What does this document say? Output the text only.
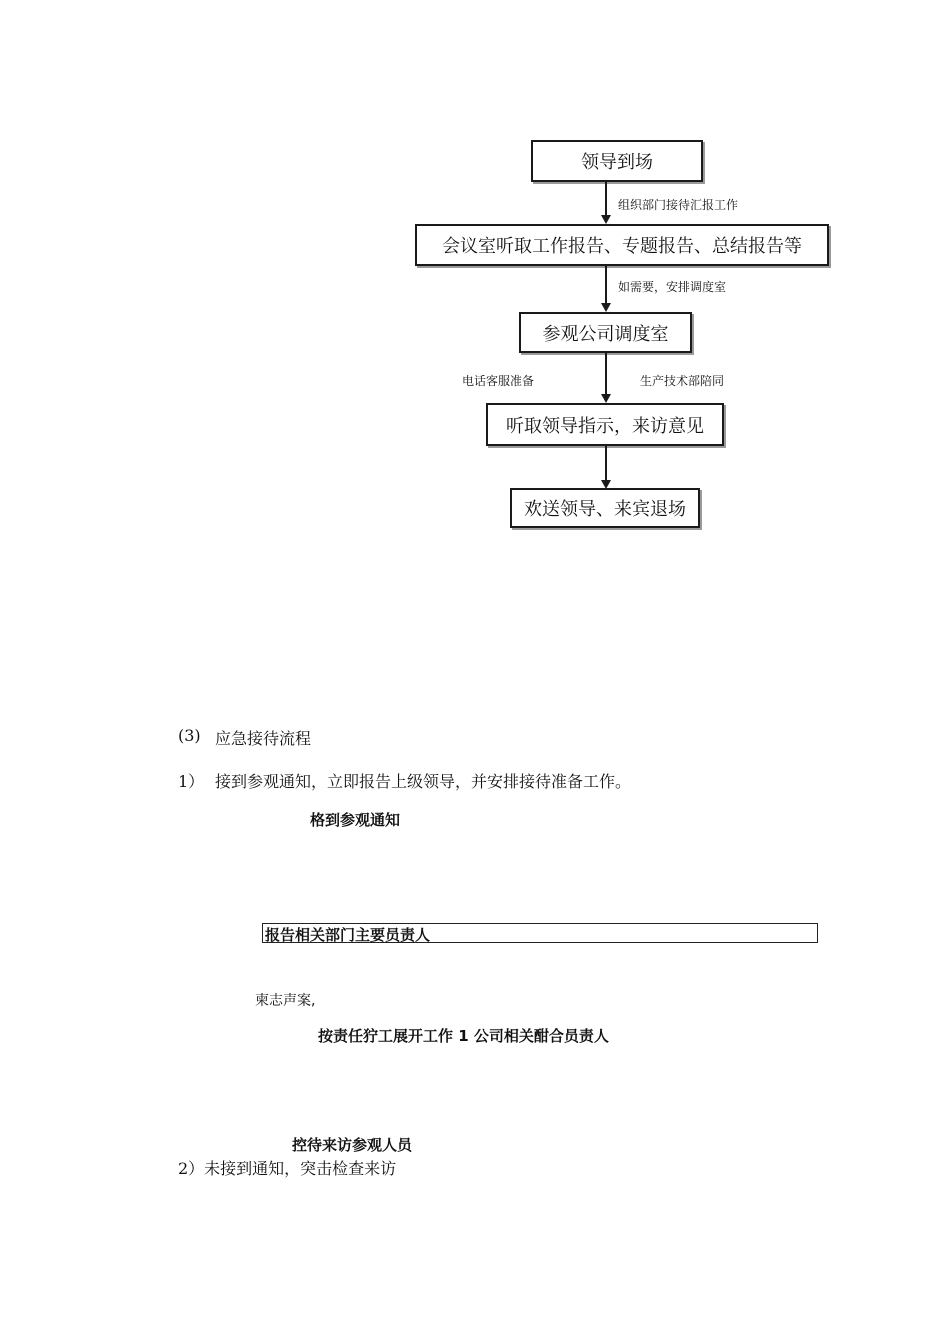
领导到场
组织部门接待汇报工作
会议室听取工作报告、专题报告、总结报告等
如需要，安排调度室
参观公司调度室
电话客服准备	生产技术部陪同
听取领导指示，来访意见
欢送领导、来宾退场
(3) 应急接待流程
1） 接到参观通知，立即报告上级领导，并安排接待准备工作。
格到参观通知
报告相关部门主要员责人
柬志声案,
按责任狞工展开工作 1 公司相关酣合员责人
控待来访参观人员
2）未接到通知，突击检查来访
